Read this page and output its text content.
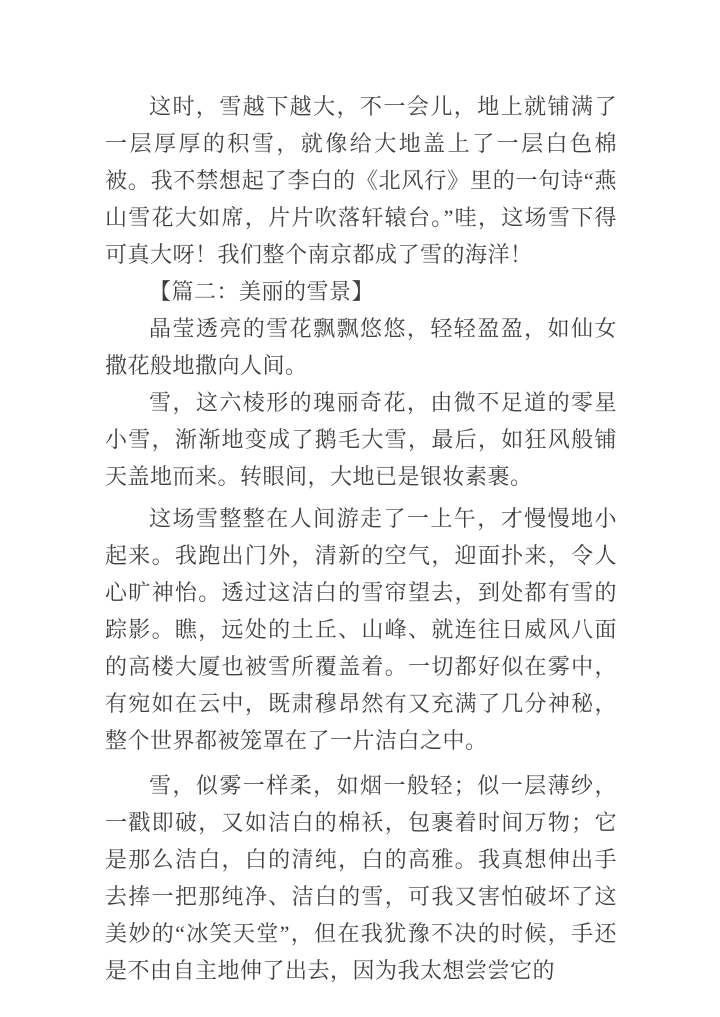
这时，雪越下越大，不一会儿，地上就铺满了一层厚厚的积雪，就像给大地盖上了一层白色棉被。我不禁想起了李白的《北风行》里的一句诗“燕山雪花大如席，片片吹落轩辕台。”哇，这场雪下得可真大呀！我们整个南京都成了雪的海洋！

【篇二：美丽的雪景】

晶莹透亮的雪花飘飘悠悠，轻轻盈盈，如仙女撒花般地撒向人间。

雪，这六棱形的瑰丽奇花，由微不足道的零星小雪，渐渐地变成了鹅毛大雪，最后，如狂风般铺天盖地而来。转眼间，大地已是银妆素裹。

这场雪整整在人间游走了一上午，才慢慢地小起来。我跑出门外，清新的空气，迎面扑来，令人心旷神怡。透过这洁白的雪帘望去，到处都有雪的踪影。瞧，远处的土丘、山峰、就连往日威风八面的高楼大厦也被雪所覆盖着。一切都好似在雾中，有宛如在云中，既肃穆昂然有又充满了几分神秘，整个世界都被笼罩在了一片洁白之中。

雪，似雾一样柔，如烟一般轻；似一层薄纱，一戳即破，又如洁白的棉袄，包裹着时间万物；它是那么洁白，白的清纯，白的高雅。我真想伸出手去捧一把那纯净、洁白的雪，可我又害怕破坏了这美妙的“冰笑天堂”，但在我犹豫不决的时候，手还是不由自主地伸了出去，因为我太想尝尝它的
